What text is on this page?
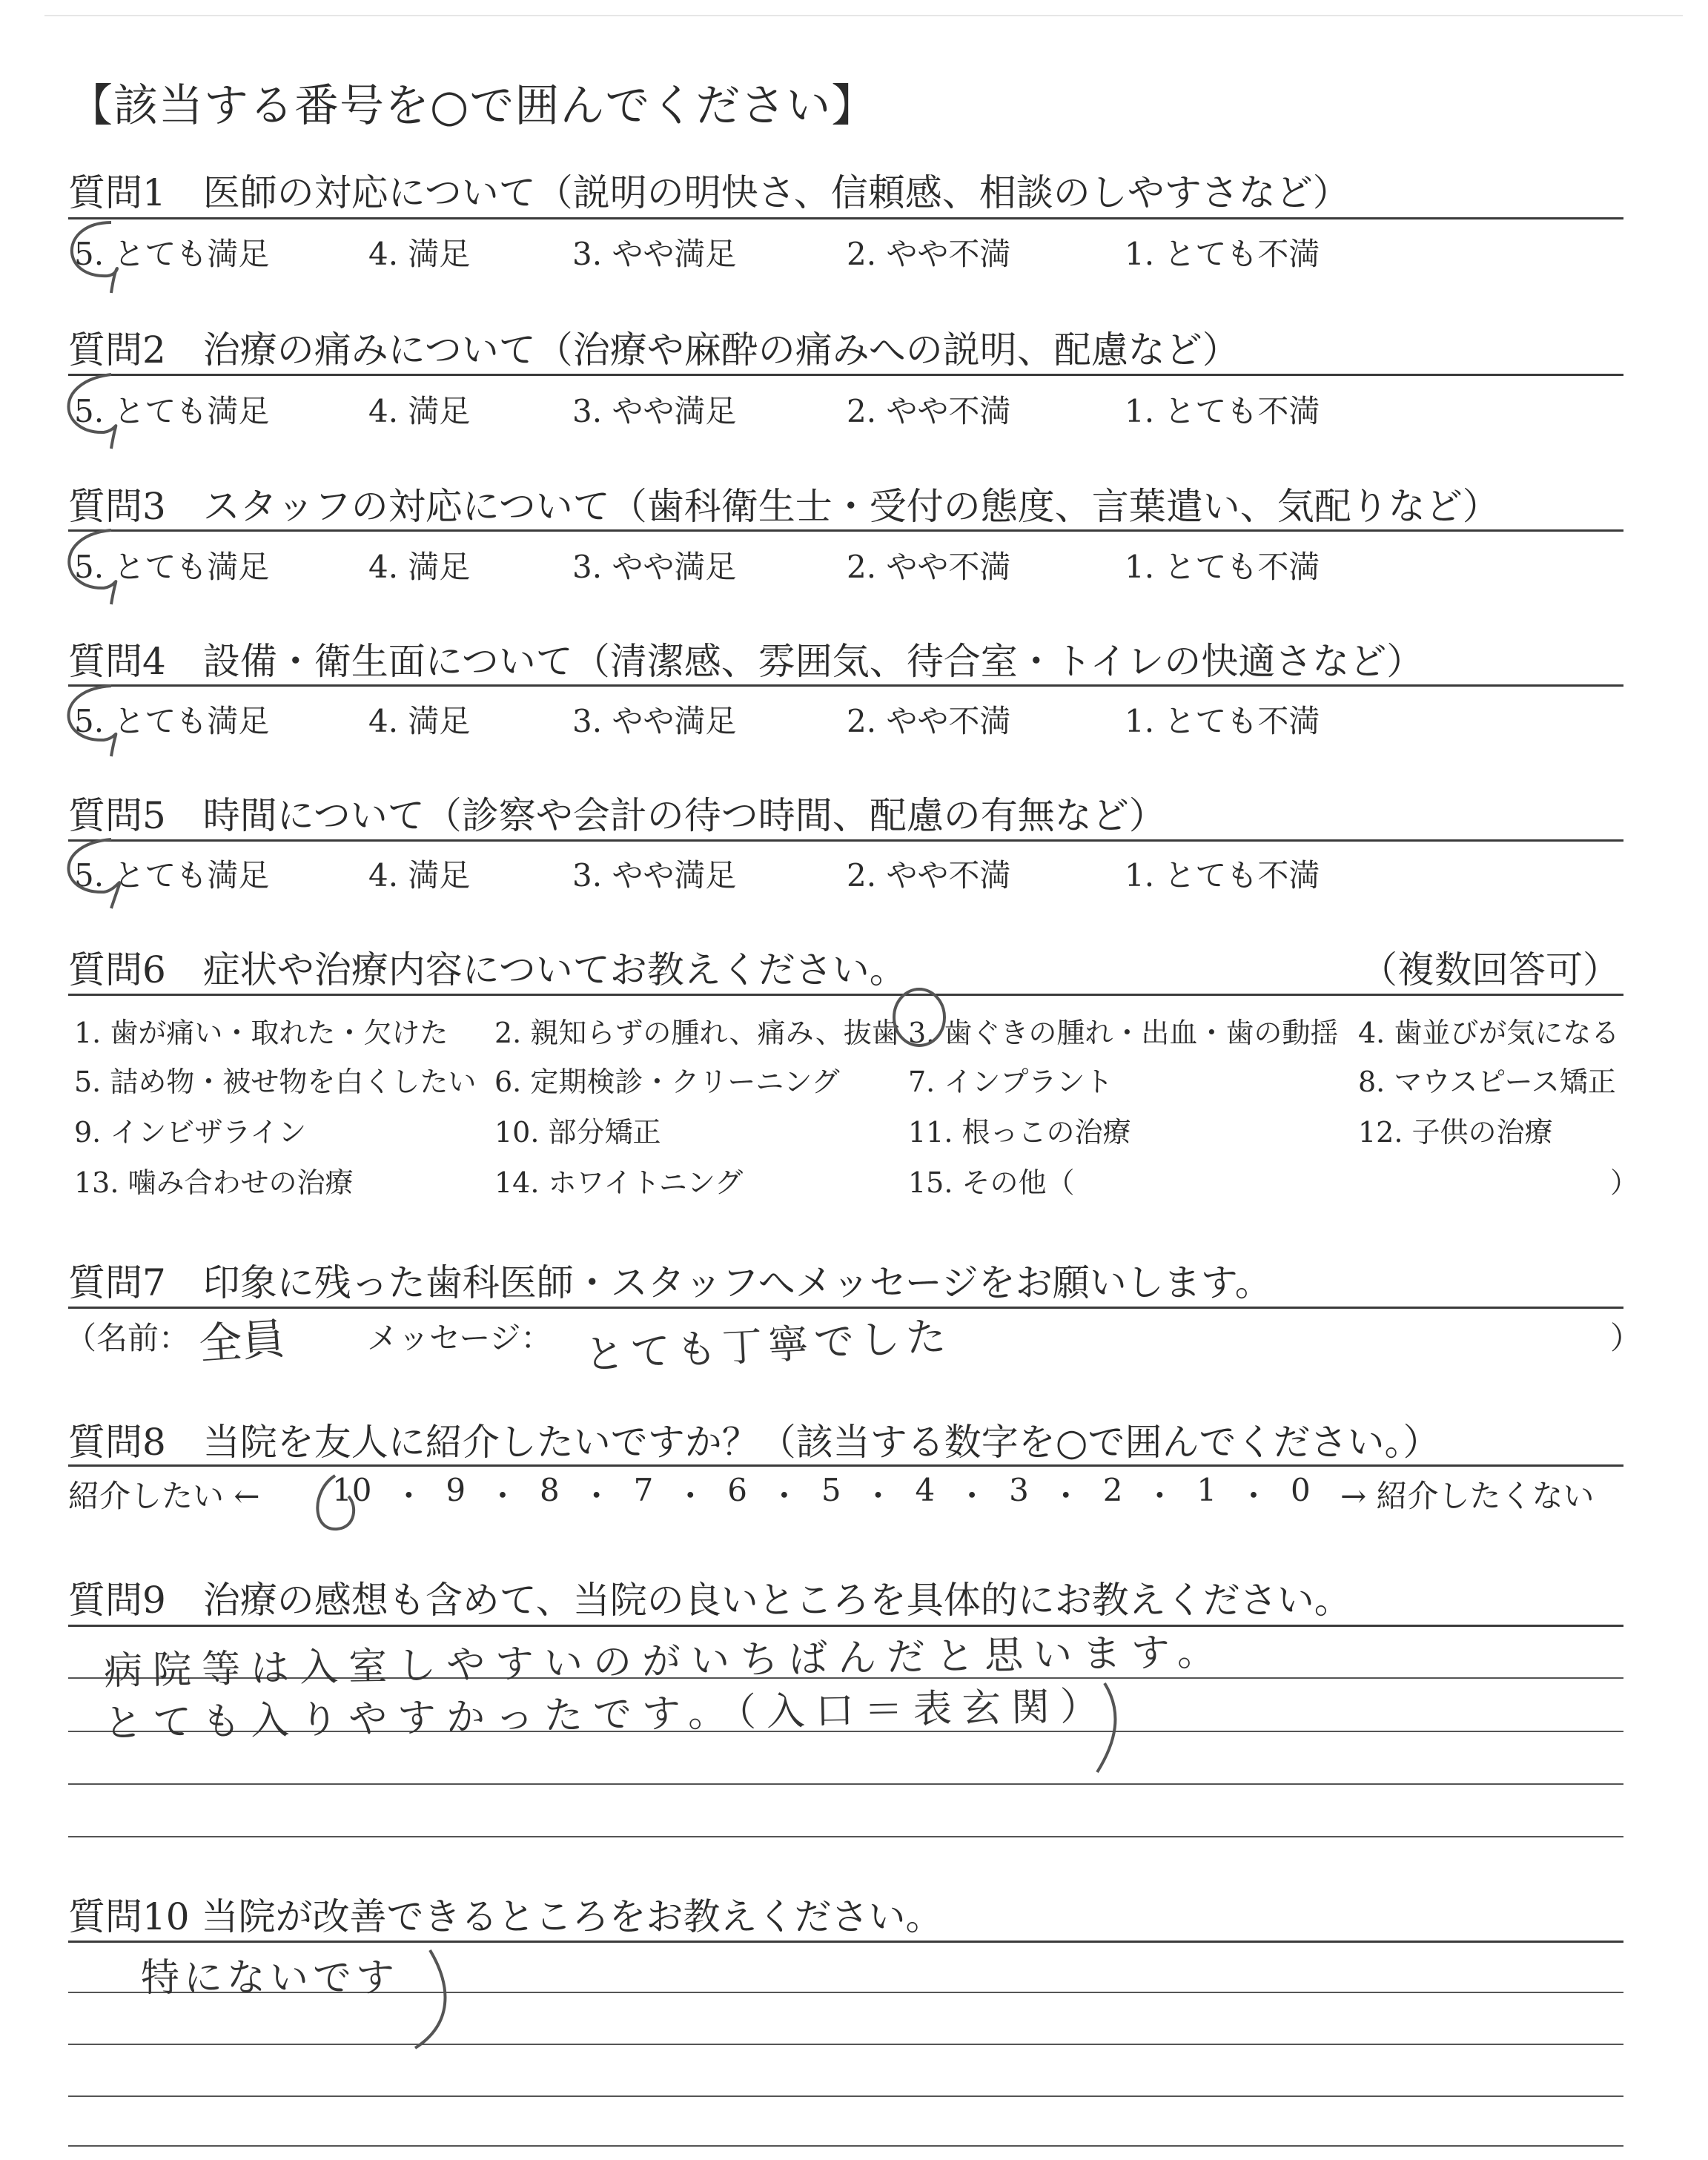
【該当する番号を○で囲んでください】
質問1　医師の対応について（説明の明快さ、信頼感、相談のしやすさなど）
5. とても満足	4. 満足	3. やや満足	2. やや不満	1. とても不満
質問2　治療の痛みについて（治療や麻酔の痛みへの説明、配慮など）
5. とても満足	4. 満足	3. やや満足	2. やや不満	1. とても不満
質問3　スタッフの対応について（歯科衛生士・受付の態度、言葉遣い、気配りなど）
5. とても満足	4. 満足	3. やや満足	2. やや不満	1. とても不満
質問4　設備・衛生面について（清潔感、雰囲気、待合室・トイレの快適さなど）
5. とても満足	4. 満足	3. やや満足	2. やや不満	1. とても不満
質問5　時間について（診察や会計の待つ時間、配慮の有無など）
5. とても満足	4. 満足	3. やや満足	2. やや不満	1. とても不満
質問6　症状や治療内容についてお教えください。	（複数回答可）
1. 歯が痛い・取れた・欠けた 2. 親知らずの腫れ、痛み、抜歯 3. 歯ぐきの腫れ・出血・歯の動揺 4. 歯並びが気になる
5. 詰め物・被せ物を白くしたい 6. 定期検診・クリーニング 7. インプラント	8. マウスピース矯正
9. インビザライン	10. 部分矯正	11. 根っこの治療	12. 子供の治療
13. 噛み合わせの治療	14. ホワイトニング	15. その他（	）
質問7　印象に残った歯科医師・スタッフへメッセージをお願いします。
（名前： 全員	メッセージ： とても丁寧でした	）
質問8　当院を友人に紹介したいですか？（該当する数字を○で囲んでください。）
紹介したい ← 10 ・ 9 ・ 8 ・ 7 ・ 6 ・ 5 ・ 4 ・ 3 ・ 2 ・ 1 ・ 0 → 紹介したくない
質問9　治療の感想も含めて、当院の良いところを具体的にお教えください。
病院等は入室しやすいのがいちばんだと思います。
とても入りやすかったです。（入口＝表玄関）
質問10 当院が改善できるところをお教えください。
特にないです
